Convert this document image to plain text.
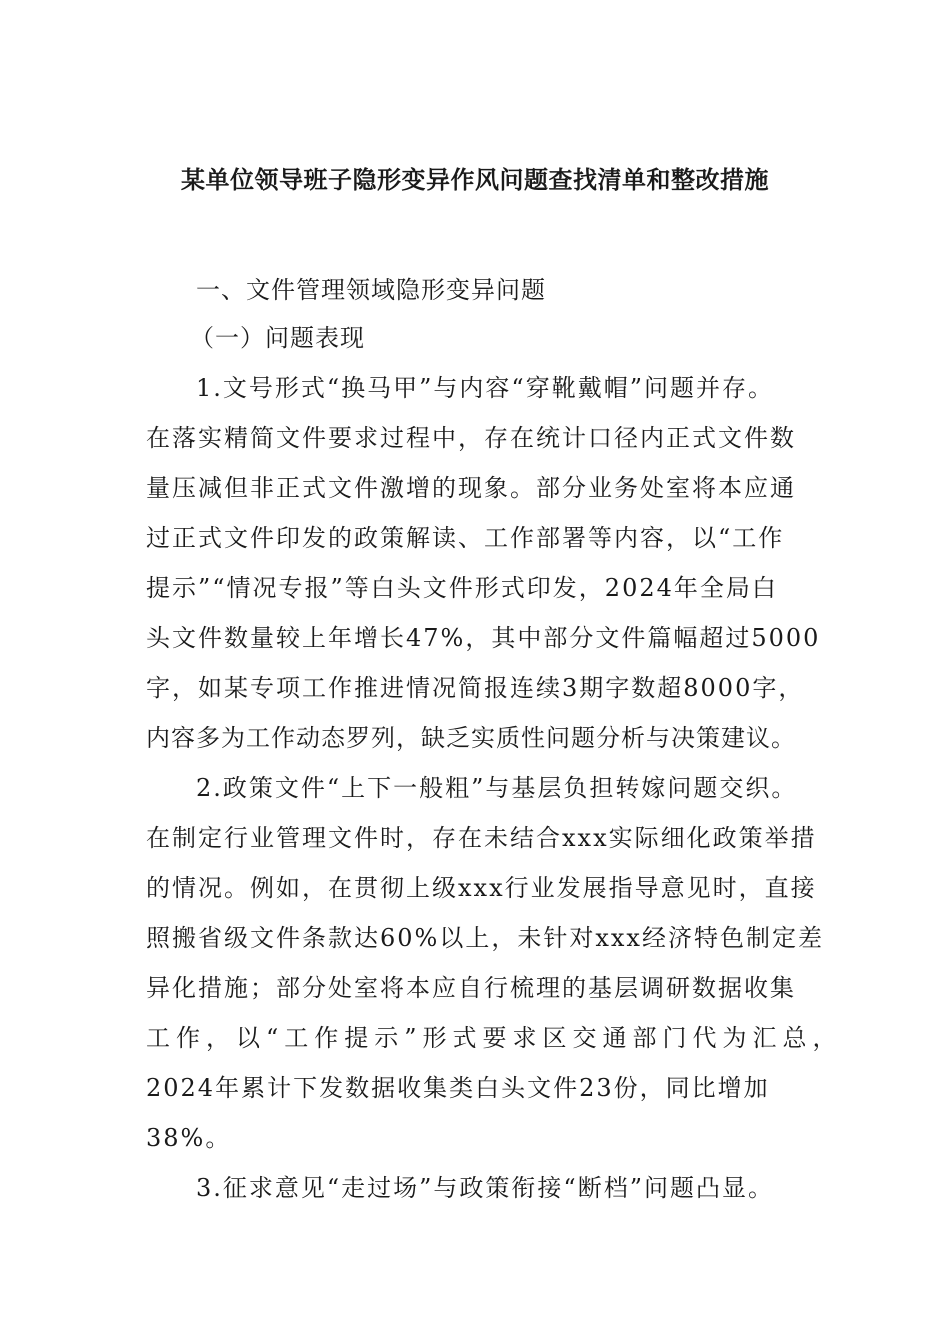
某单位领导班子隐形变异作风问题查找清单和整改措施
一、文件管理领域隐形变异问题
（一）问题表现
1.文号形式“换马甲”与内容“穿靴戴帽”问题并存。
在落实精简文件要求过程中，存在统计口径内正式文件数
量压减但非正式文件激增的现象。部分业务处室将本应通
过正式文件印发的政策解读、工作部署等内容，以“工作
提示”“情况专报”等白头文件形式印发，2024年全局白
头文件数量较上年增长47%，其中部分文件篇幅超过5000
字，如某专项工作推进情况简报连续3期字数超8000字，
内容多为工作动态罗列，缺乏实质性问题分析与决策建议。
2.政策文件“上下一般粗”与基层负担转嫁问题交织。
在制定行业管理文件时，存在未结合xxx实际细化政策举措
的情况。例如，在贯彻上级xxx行业发展指导意见时，直接
照搬省级文件条款达60%以上，未针对xxx经济特色制定差
异化措施；部分处室将本应自行梳理的基层调研数据收集
工作，以“工作提示”形式要求区交通部门代为汇总，
2024年累计下发数据收集类白头文件23份，同比增加
38%。
3.征求意见“走过场”与政策衔接“断档”问题凸显。
